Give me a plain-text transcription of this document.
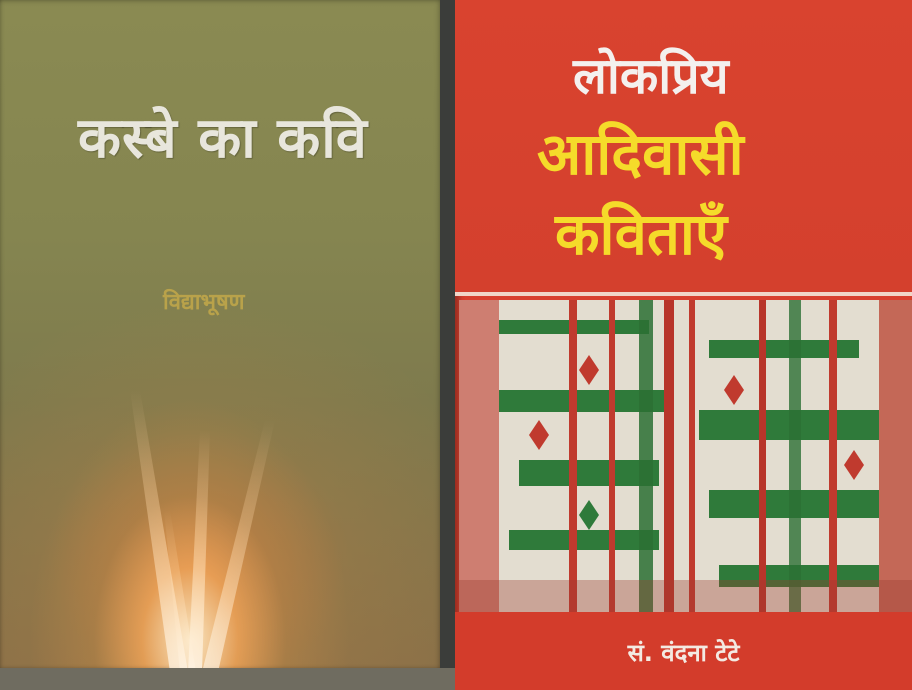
कस्बे का कवि
विद्याभूषण
लोकप्रिय
आदिवासी
कविताएँ
सं. वंदना टेटे
